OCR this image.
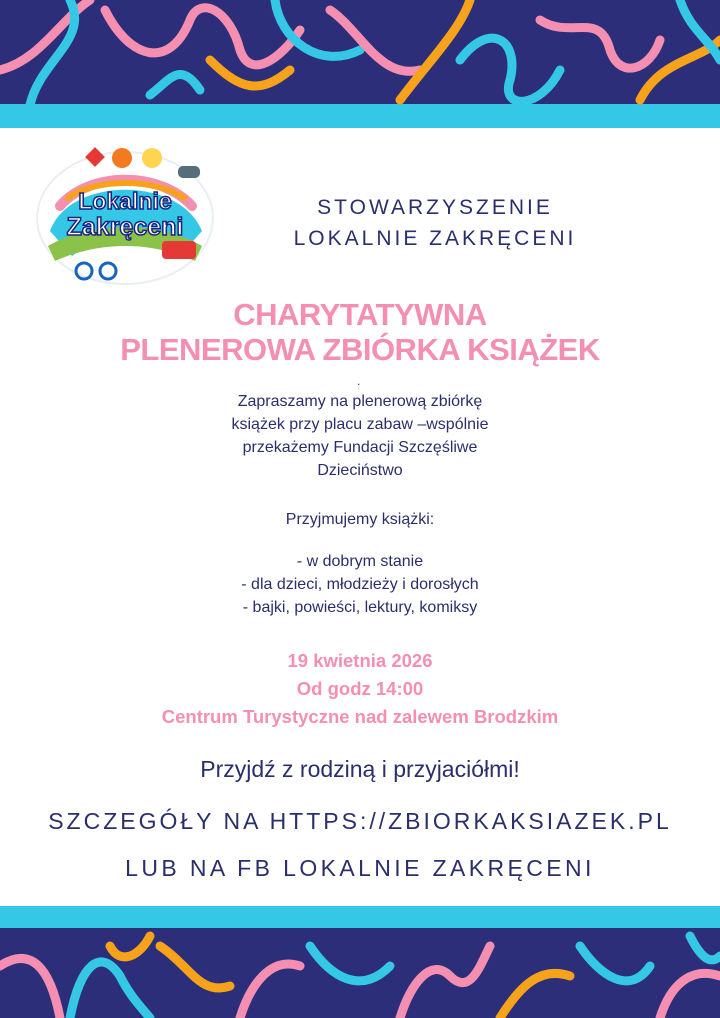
Lokalnie
Zakręceni
STOWARZYSZENIE
LOKALNIE ZAKRĘCENI
CHARYTATYWNA
PLENEROWA ZBIÓRKA KSIĄŻEK
.
Zapraszamy na plenerową zbiórkę
książek przy placu zabaw –wspólnie
przekażemy Fundacji Szczęśliwe
Dzieciństwo
Przyjmujemy książki:
- w dobrym stanie
- dla dzieci, młodzieży i dorosłych
- bajki, powieści, lektury, komiksy
19 kwietnia 2026
Od godz 14:00
Centrum Turystyczne nad zalewem Brodzkim
Przyjdź z rodziną i przyjaciółmi!
SZCZEGÓŁY NA HTTPS://ZBIORKAKSIAZEK.PL
LUB NA FB LOKALNIE ZAKRĘCENI
